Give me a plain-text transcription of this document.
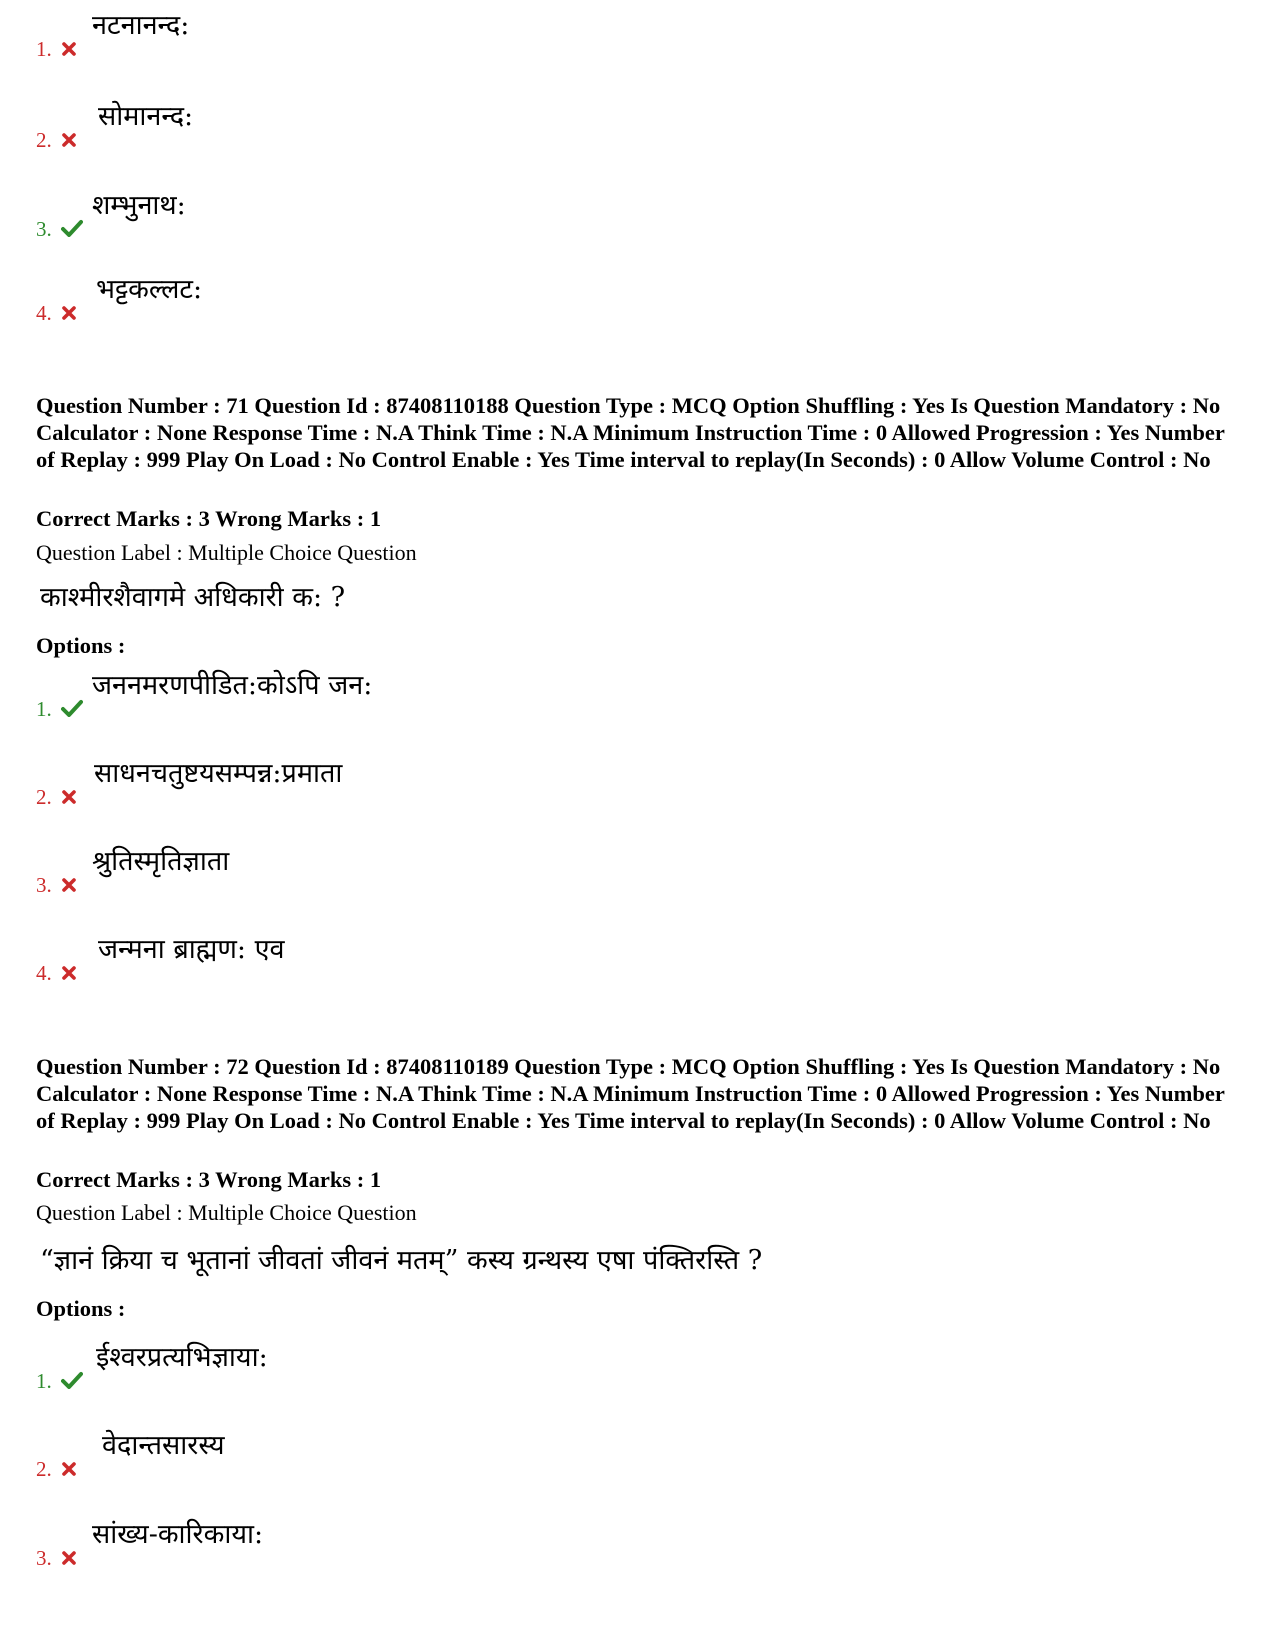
1.
नटनानन्द:
2.
सोमानन्द:
3.
शम्भुनाथ:
4.
भट्टकल्लट:
Question Number : 71 Question Id : 87408110188 Question Type : MCQ Option Shuffling : Yes Is Question Mandatory : No Calculator : None Response Time : N.A Think Time : N.A Minimum Instruction Time : 0 Allowed Progression : Yes Number of Replay : 999 Play On Load : No Control Enable : Yes Time interval to replay(In Seconds) : 0 Allow Volume Control : No
Correct Marks : 3 Wrong Marks : 1
Question Label : Multiple Choice Question
काश्मीरशैवागमे अधिकारी क: ?
Options :
1.
जननमरणपीडित:कोऽपि जन:
2.
साधनचतुष्टयसम्पन्न:प्रमाता
3.
श्रुतिस्मृतिज्ञाता
4.
जन्मना ब्राह्मण: एव
Question Number : 72 Question Id : 87408110189 Question Type : MCQ Option Shuffling : Yes Is Question Mandatory : No Calculator : None Response Time : N.A Think Time : N.A Minimum Instruction Time : 0 Allowed Progression : Yes Number of Replay : 999 Play On Load : No Control Enable : Yes Time interval to replay(In Seconds) : 0 Allow Volume Control : No
Correct Marks : 3 Wrong Marks : 1
Question Label : Multiple Choice Question
“ज्ञानं क्रिया च भूतानां जीवतां जीवनं मतम्” कस्य ग्रन्थस्य एषा पंक्तिरस्ति ?
Options :
1.
ईश्वरप्रत्यभिज्ञाया:
2.
वेदान्तसारस्य
3.
सांख्य-कारिकाया:
